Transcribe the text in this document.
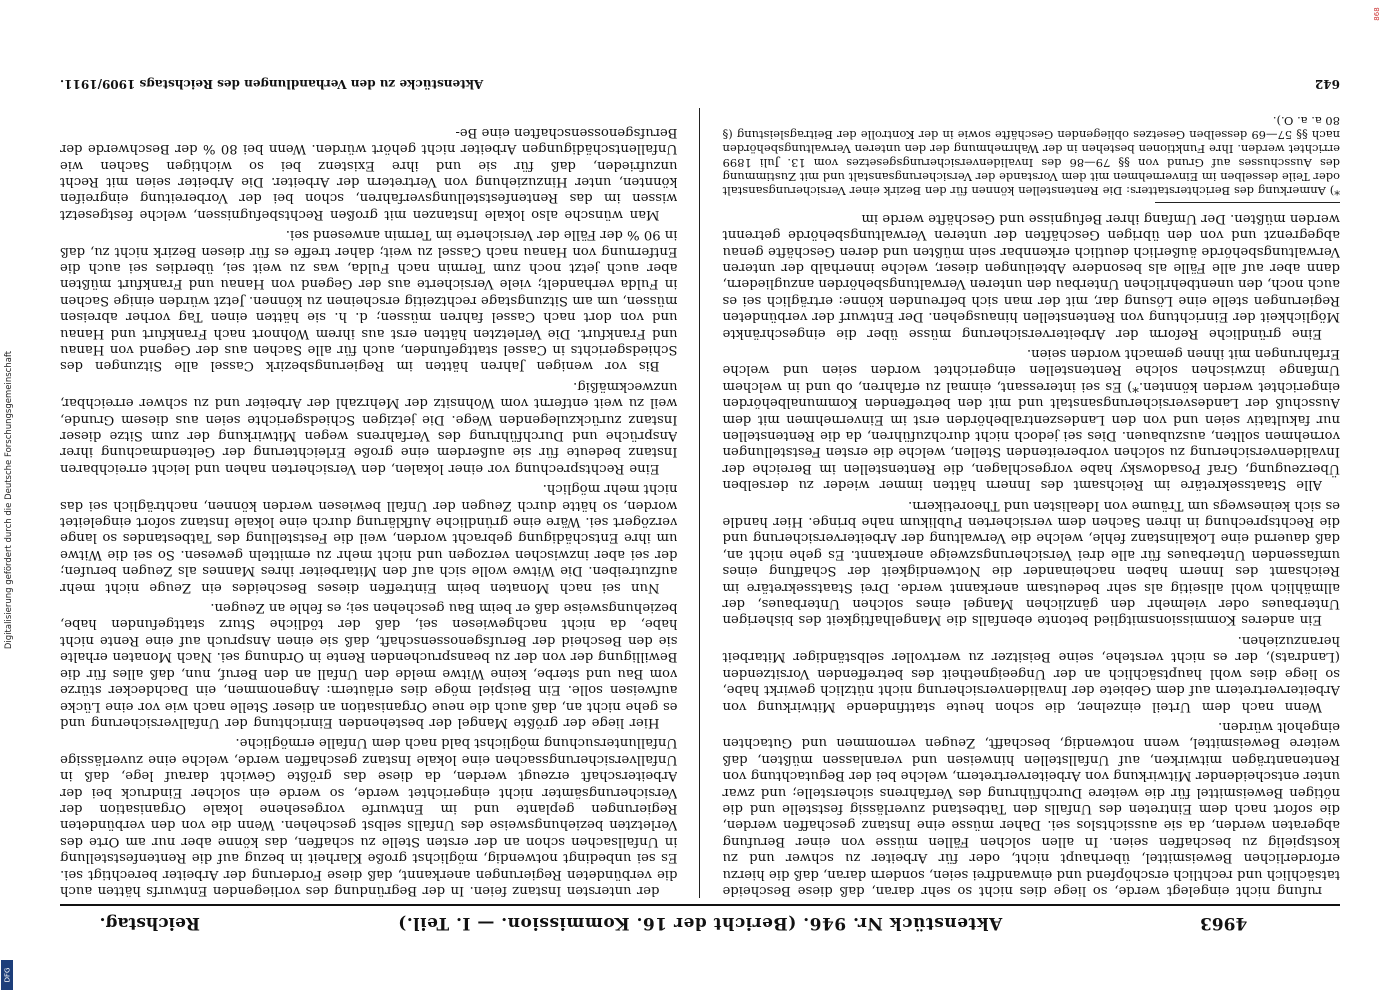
4963
Aktenstück Nr. 946. (Bericht der 16. Kommission. — I. Teil.)
Reichstag.

rufung nicht eingelegt werde, so liege dies nicht so sehr daran, daß diese Bescheide tatsächlich und rechtlich erschöpfend und einwandfrei seien, sondern daran, daß die hierzu erforderlichen Beweismittel, überhaupt nicht, oder für Arbeiter zu schwer und zu kostspielig zu beschaffen seien. In allen solchen Fällen müsse von einer Berufung abgeraten werden, da sie aussichtslos sei. Daher müsse eine Instanz geschaffen werden, die sofort nach dem Eintreten des Unfalls den Tatbestand zuverlässig feststelle und die nötigen Beweismittel für die weitere Durchführung des Verfahrens sicherstelle; und zwar unter entscheidender Mitwirkung von Arbeitervertretern, welche bei der Begutachtung von Rentenanträgen mitwirken, auf Unfallstellen hinweisen und veranlassen müßten, daß weitere Beweismittel, wenn notwendig, beschafft, Zeugen vernommen und Gutachten eingeholt würden.

Wenn nach dem Urteil einzelner, die schon heute stattfindende Mitwirkung von Arbeitervertretern auf dem Gebiete der Invalidenversicherung nicht nützlich gewirkt habe, so liege dies wohl hauptsächlich an der Ungeeignetheit des betreffenden Vorsitzenden (Landrats), der es nicht verstehe, seine Beisitzer zu wertvoller selbständiger Mitarbeit heranzuziehen.

Ein anderes Kommissionsmitglied betonte ebenfalls die Mangelhaftigkeit des bisherigen Unterbaues oder vielmehr den gänzlichen Mangel eines solchen Unterbaues, der allmählich wohl allseitig als sehr bedeutsam anerkannt werde. Drei Staatssekretäre im Reichsamt des Innern haben nacheinander die Notwendigkeit der Schaffung eines umfassenden Unterbaues für alle drei Versicherungszweige anerkannt. Es gehe nicht an, daß dauernd eine Lokalinstanz fehle, welche die Verwaltung der Arbeiterversicherung und die Rechtsprechung in ihren Sachen dem versicherten Publikum nahe bringe. Hier handle es sich keineswegs um Träume von Idealisten und Theoretikern.

Alle Staatssekretäre im Reichsamt des Innern hätten immer wieder zu derselben Überzeugung, Graf Posadowsky habe vorgeschlagen, die Rentenstellen im Bereiche der Invalidenversicherung zu solchen vorbereitenden Stellen, welche die ersten Feststellungen vornehmen sollten, auszubauen. Dies sei jedoch nicht durchzuführen, da die Rentenstellen nur fakultativ seien und von den Landeszentralbehörden erst im Einvernehmen mit dem Ausschuß der Landesversicherungsanstalt und mit den betreffenden Kommunalbehörden eingerichtet werden könnten.*) Es sei interessant, einmal zu erfahren, ob und in welchem Umfange inzwischen solche Rentenstellen eingerichtet worden seien und welche Erfahrungen mit ihnen gemacht worden seien.

Eine gründliche Reform der Arbeiterversicherung müsse über die eingeschränkte Möglichkeit der Einrichtung von Rentenstellen hinausgehen. Der Entwurf der verbündeten Regierungen stelle eine Lösung dar, mit der man sich befreunden könne: erträglich sei es auch noch, den unentbehrlichen Unterbau den unteren Verwaltungsbehörden anzugliedern, dann aber auf alle Fälle als besondere Abteilungen dieser, welche innerhalb der unteren Verwaltungsbehörde äußerlich deutlich erkennbar sein müßten und deren Geschäfte genau abgegrenzt und von den übrigen Geschäften der unteren Verwaltungsbehörde getrennt werden müßten. Der Umfang ihrer Befugnisse und Geschäfte werde im

*) Anmerkung des Berichterstatters: Die Rentenstellen können für den Bezirk einer Versicherungsanstalt oder Teile desselben im Einvernehmen mit dem Vorstande der Versicherungsanstalt und mit Zustimmung des Ausschusses auf Grund von §§ 79—86 des Invalidenversicherungsgesetzes vom 13. Juli 1899 errichtet werden. Ihre Funktionen bestehen in der Wahrnehmung der den unteren Verwaltungsbehörden nach §§ 57—69 desselben Gesetzes obliegenden Geschäfte sowie in der Kontrolle der Beitragsleistung (§ 80 a. a. O.).

der untersten Instanz feien. In der Begründung des vorliegenden Entwurfs hätten auch die verbündeten Regierungen anerkannt, daß diese Forderung der Arbeiter berechtigt sei. Es sei unbedingt notwendig, möglichst große Klarheit in bezug auf die Rentenfeststellung in Unfallsachen schon an der ersten Stelle zu schaffen, das könne aber nur am Orte des Verletzten beziehungsweise des Unfalls selbst geschehen. Wenn die von den verbündeten Regierungen geplante und im Entwurfe vorgesehene lokale Organisation der Versicherungsämter nicht eingerichtet werde, so werde ein solcher Eindruck bei der Arbeiterschaft erzeugt werden, da diese das größte Gewicht darauf lege, daß in Unfallversicherungssachen eine lokale Instanz geschaffen werde, welche eine zuverlässige Unfalluntersuchung möglichst bald nach dem Unfalle ermögliche.

Hier liege der größte Mangel der bestehenden Einrichtung der Unfallversicherung und es gehe nicht an, daß auch die neue Organisation an dieser Stelle nach wie vor eine Lücke aufweisen solle. Ein Beispiel möge dies erläutern: Angenommen, ein Dachdecker stürze vom Bau und sterbe, keine Witwe melde den Unfall an den Beruf, nun, daß alles für die Bewilligung der von der zu beanspruchenden Rente in Ordnung sei. Nach Monaten erhalte sie den Bescheid der Berufsgenossenschaft, daß sie einen Anspruch auf eine Rente nicht habe, da nicht nachgewiesen sei, daß der tödliche Sturz stattgefunden habe, beziehungsweise daß er beim Bau geschehen sei; es fehle an Zeugen.

Nun sei nach Monaten beim Eintreffen dieses Bescheides ein Zeuge nicht mehr aufzutreiben. Die Witwe wolle sich auf den Mitarbeiter ihres Mannes als Zeugen berufen; der sei aber inzwischen verzogen und nicht mehr zu ermitteln gewesen. So sei die Witwe um ihre Entschädigung gebracht worden, weil die Feststellung des Tatbestandes so lange verzögert sei. Wäre eine gründliche Aufklärung durch eine lokale Instanz sofort eingeleitet worden, so hätte durch Zeugen der Unfall bewiesen werden können, nachträglich sei das nicht mehr möglich.

Eine Rechtsprechung vor einer lokalen, den Versicherten nahen und leicht erreichbaren Instanz bedeute für sie außerdem eine große Erleichterung der Geltendmachung ihrer Ansprüche und Durchführung des Verfahrens wegen Mitwirkung der zum Sitze dieser Instanz zurückzulegenden Wege. Die jetzigen Schiedsgerichte seien aus diesem Grunde, weil zu weit entfernt vom Wohnsitz der Mehrzahl der Arbeiter und zu schwer erreichbar, unzweckmäßig.

Bis vor wenigen Jahren hätten im Regierungsbezirk Cassel alle Sitzungen des Schiedsgerichts in Cassel stattgefunden, auch für alle Sachen aus der Gegend von Hanau und Frankfurt. Die Verletzten hätten erst aus ihrem Wohnort nach Frankfurt und Hanau und von dort nach Cassel fahren müssen; d. h. sie hätten einen Tag vorher abreisen müssen, um am Sitzungstage rechtzeitig erscheinen zu können. Jetzt würden einige Sachen in Fulda verhandelt; viele Versicherte aus der Gegend von Hanau und Frankfurt müßten aber auch jetzt noch zum Termin nach Fulda, was zu weit sei, überdies sei auch die Entfernung von Hanau nach Cassel zu weit; daher treffe es für diesen Bezirk nicht zu, daß in 90 % der Fälle der Versicherte im Termin anwesend sei.

Man wünsche also lokale Instanzen mit großen Rechtsbefugnissen, welche festgesetzt wissen im das Rentenfeststellungsverfahren, schon bei der Vorbereitung eingreifen könnten, unter Hinzuziehung von Vertretern der Arbeiter. Die Arbeiter seien mit Recht unzufrieden, daß für sie und ihre Existenz bei so wichtigen Sachen wie Unfallentschädigungen Arbeiter nicht gehört würden. Wenn bei 80 % der Beschwerde der Berufsgenossenschaften eine Be-

642
Aktenstücke zu den Verhandlungen des Reichstags 1909/1911.
Digitalisierung gefördert durch die Deutsche Forschungsgemeinschaft
DFG
868
